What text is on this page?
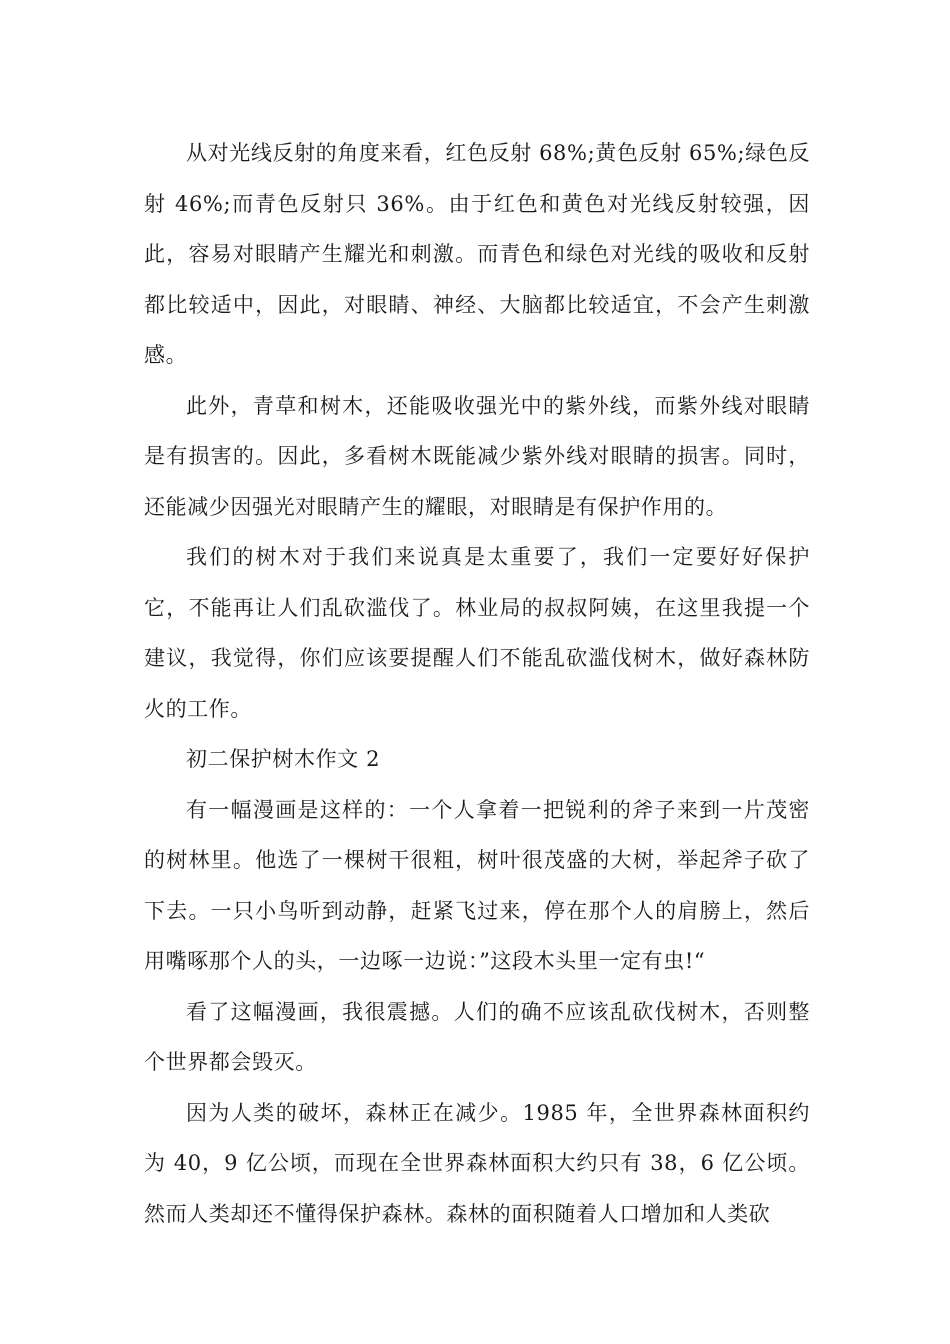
从对光线反射的角度来看，红色反射 68%;黄色反射 65%;绿色反射 46%;而青色反射只 36%。由于红色和黄色对光线反射较强，因此，容易对眼睛产生耀光和刺激。而青色和绿色对光线的吸收和反射都比较适中，因此，对眼睛、神经、大脑都比较适宜，不会产生刺激感。

此外，青草和树木，还能吸收强光中的紫外线，而紫外线对眼睛是有损害的。因此，多看树木既能减少紫外线对眼睛的损害。同时，还能减少因强光对眼睛产生的耀眼，对眼睛是有保护作用的。

我们的树木对于我们来说真是太重要了，我们一定要好好保护它，不能再让人们乱砍滥伐了。林业局的叔叔阿姨，在这里我提一个建议，我觉得，你们应该要提醒人们不能乱砍滥伐树木，做好森林防火的工作。

初二保护树木作文 2

有一幅漫画是这样的：一个人拿着一把锐利的斧子来到一片茂密的树林里。他选了一棵树干很粗，树叶很茂盛的大树，举起斧子砍了下去。一只小鸟听到动静，赶紧飞过来，停在那个人的肩膀上，然后用嘴啄那个人的头，一边啄一边说：”这段木头里一定有虫!“

看了这幅漫画，我很震撼。人们的确不应该乱砍伐树木，否则整个世界都会毁灭。

因为人类的破坏，森林正在减少。1985 年，全世界森林面积约为 40，9 亿公顷，而现在全世界森林面积大约只有 38，6 亿公顷。然而人类却还不懂得保护森林。森林的面积随着人口增加和人类砍
